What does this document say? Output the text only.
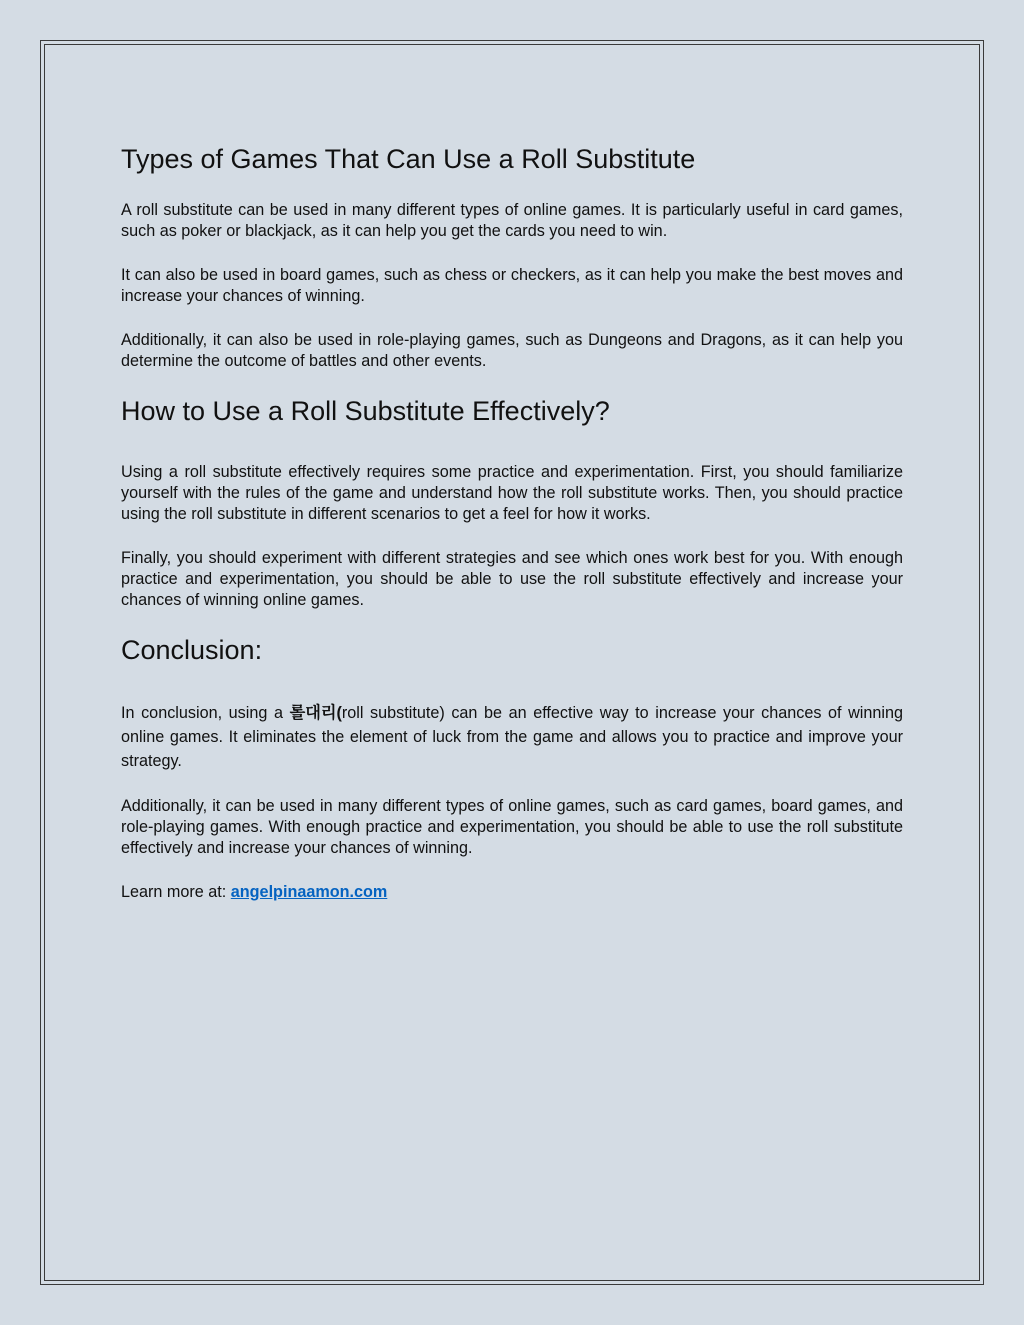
Types of Games That Can Use a Roll Substitute

A roll substitute can be used in many different types of online games. It is particularly useful in card games, such as poker or blackjack, as it can help you get the cards you need to win.

It can also be used in board games, such as chess or checkers, as it can help you make the best moves and increase your chances of winning.

Additionally, it can also be used in role-playing games, such as Dungeons and Dragons, as it can help you determine the outcome of battles and other events.

How to Use a Roll Substitute Effectively?

Using a roll substitute effectively requires some practice and experimentation. First, you should familiarize yourself with the rules of the game and understand how the roll substitute works. Then, you should practice using the roll substitute in different scenarios to get a feel for how it works.

Finally, you should experiment with different strategies and see which ones work best for you. With enough practice and experimentation, you should be able to use the roll substitute effectively and increase your chances of winning online games.

Conclusion:

In conclusion, using a 롤대리(roll substitute) can be an effective way to increase your chances of winning online games. It eliminates the element of luck from the game and allows you to practice and improve your strategy.

Additionally, it can be used in many different types of online games, such as card games, board games, and role-playing games. With enough practice and experimentation, you should be able to use the roll substitute effectively and increase your chances of winning.

Learn more at: angelpinaamon.com
